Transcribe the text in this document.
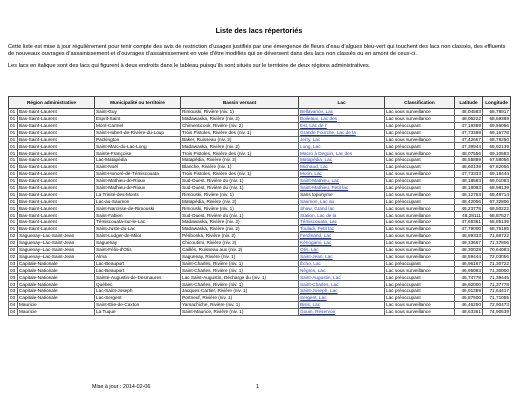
Liste des lacs répertoriés

Cette liste est mise à jour régulièrement pour tenir compte des avis de restriction d’usages justifiés par une émergence de fleurs d’eau d’algues bleu-vert qui touchent des lacs non classés, des effluents de nouveaux ouvrages d’assainissement et d’ouvrages d’assainissement en voie d’être modifiés qui se déversent dans des lacs non classés ou en amont de ceux-ci.

Les lacs en italique sont des lacs qui figurent à deux endroits dans le tableau puisqu’ils sont situés sur le territoire de deux régions administratives.

Région administrative		Municipalité ou territoire	Bassin versant	Lac	Classification	Latitude	Longitude
01	Bas-Saint-Laurent	Saint-Guy	Rimouski, Rivière (niv. 1)	Bellavance, Lac	Lac sous surveillance	48,04583	68,78917
01	Bas-Saint-Laurent	Esprit-Saint	Madawaska, Rivière (niv. 2)	Boileaux, Lac des	Lac sous surveillance	48,05222	68,59389
01	Bas-Saint-Laurent	Mont-Carmel	Chimenticook, Rivière (niv. 2)	Est, Lac de l'	Lac préoccupant	47,19389	69,56056
01	Bas-Saint-Laurent	Saint-Hubert-de-Rivière-du-Loup	Trois Pistoles, Rivière des (niv. 1)	Grande Fourche, Lac de la	Lac préoccupant	47,73389	69,16778
01	Bas-Saint-Laurent	Packington	Baker, Ruisseau (niv. 2)	Jerry, Lac	Lac sous surveillance	47,42667	68,78250
01	Bas-Saint-Laurent	Saint-Marc-du-Lac-Long	Madawaska, Rivière (niv. 2)	Long, Lac	Lac préoccupant	47,39944	68,92139
01	Bas-Saint-Laurent	Sainte-Françoise	Trois Pistoles, Rivière des (niv. 1)	Macro à Deguin, Lac des	Lac sous surveillance	48,07556	69,10583
01	Bas-Saint-Laurent	Lac-Matapédia	Matapédia, Rivière (niv. 2)	Matapédia, Lac	Lac préoccupant	48,55889	67,58056
01	Bas-Saint-Laurent	Saint-Noël	Blanche, Rivière (niv. 1)	Michaud, Lac	Lac préoccupant	48,60139	67,82056
01	Bas-Saint-Laurent	Saint-Honoré-de-Témiscouata	Trois Pistoles, Rivière des (niv. 1)	Morin, Lac	Lac sous surveillance	47,73333	69,18444
01	Bas-Saint-Laurent	Saint-Mathieu-de-Rioux	Sud-Ouest, Rivière du (niv. 1)	Saint-Mathieu, Lac	Lac préoccupant	48,18583	69,01083
01	Bas-Saint-Laurent	Saint-Mathieu-de-Rioux	Sud-Ouest, Rivière du (niv. 1)	Saint-Mathieu, Petit lac	Lac préoccupant	48,18083	68,98139
01	Bas-Saint-Laurent	La Trinité-des-Monts	Rimouski, Rivière (niv. 1)	Sans toponyme	Lac sous surveillance	48,12753	68,48714
01	Bas-Saint-Laurent	Lac-au-Saumon	Matapédia, Rivière (niv. 2)	Saumon, Lac au	Lac préoccupant	48,42056	67,32806
01	Bas-Saint-Laurent	Saint-Narcisse-de-Rimouski	Rimouski, Rivière (niv. 1)	Shaw, Grand lac	Lac sous surveillance	48,23778	68,50222
01	Bas-Saint-Laurent	Saint-Fabien	Sud-Ouest, Rivière du (niv. 1)	Station, Lac de la	Lac sous surveillance	48,28111	68,87527
01	Bas-Saint-Laurent	Témiscouata-sur-le-Lac	Madawaska, Rivière (niv. 2)	Témiscouata, Lac	Lac sous surveillance	47,68361	68,85139
01	Bas-Saint-Laurent	Saint-Juste-du-Lac	Madawaska, Rivière (niv. 2)	Touladi, Petit lac	Lac sous surveillance	47,79000	68,75195
02	Saguenay–Lac-Saint-Jean	Saint-Ludger-de-Milot	Péribonka, Rivière (niv. 2)	Ferdinand, Lac	Lac sous surveillance	48,89333	71,88722
02	Saguenay–Lac-Saint-Jean	Saguenay	Chicoutimi, Rivière (niv. 2)	Kénogami, Lac	Lac sous surveillance	48,33667	71,37806
02	Saguenay–Lac-Saint-Jean	Saint-Félix-d'Otis	Caillès, Ruisseau aux (niv. 2)	Otis, Lac	Lac sous surveillance	48,30028	70,64083
02	Saguenay–Lac-Saint-Jean	Alma	Saguenay, Rivière (niv. 1)	Saint-Jean, Lac	Lac sous surveillance	48,59444	72,03056
03	Capitale-Nationale	Lac-Beauport	Saint-Charles, Rivière (niv. 1)	Écho, Lac	Lac préoccupant	46,96167	71,30722
03	Capitale-Nationale	Lac-Beauport	Saint-Charles, Rivière (niv. 1)	Nègres, Lac	Lac sous surveillance	46,95083	71,30000
03	Capitale-Nationale	Sainte-Augustin-de-Desmaures	Lac Saint-Augustin, Décharge du (niv. 1)	Saint-Augustin, Lac	Lac préoccupant	46,74778	71,39445
03	Capitale-Nationale	Québec	Saint-Charles, Rivière (niv. 1)	Saint-Charles, Lac	Lac préoccupant	46,92000	71,37778
03	Capitale-Nationale	Lac-Saint-Joseph	Jacques-Cartier, Rivière (niv. 1)	Saint-Joseph, Lac	Lac préoccupant	46,91389	71,64417
03	Capitale-Nationale	Lac-Sergent	Portneuf, Rivière (niv. 1)	Sergent, Lac	Lac préoccupant	46,87500	71,71055
04	Mauricie	Saint-Élie-de-Caxton	Yamachiche, Rivière (niv. 1)	Bisis, Lac	Lac sous surveillance	46,46250	72,90473
04	Mauricie	La Tuque	Saint-Maurice, Rivière (niv. 1)	Gouin, Réservoir	Lac sous surveillance	48,63361	74,90639
Mise à jour : 2014-02-06	1
